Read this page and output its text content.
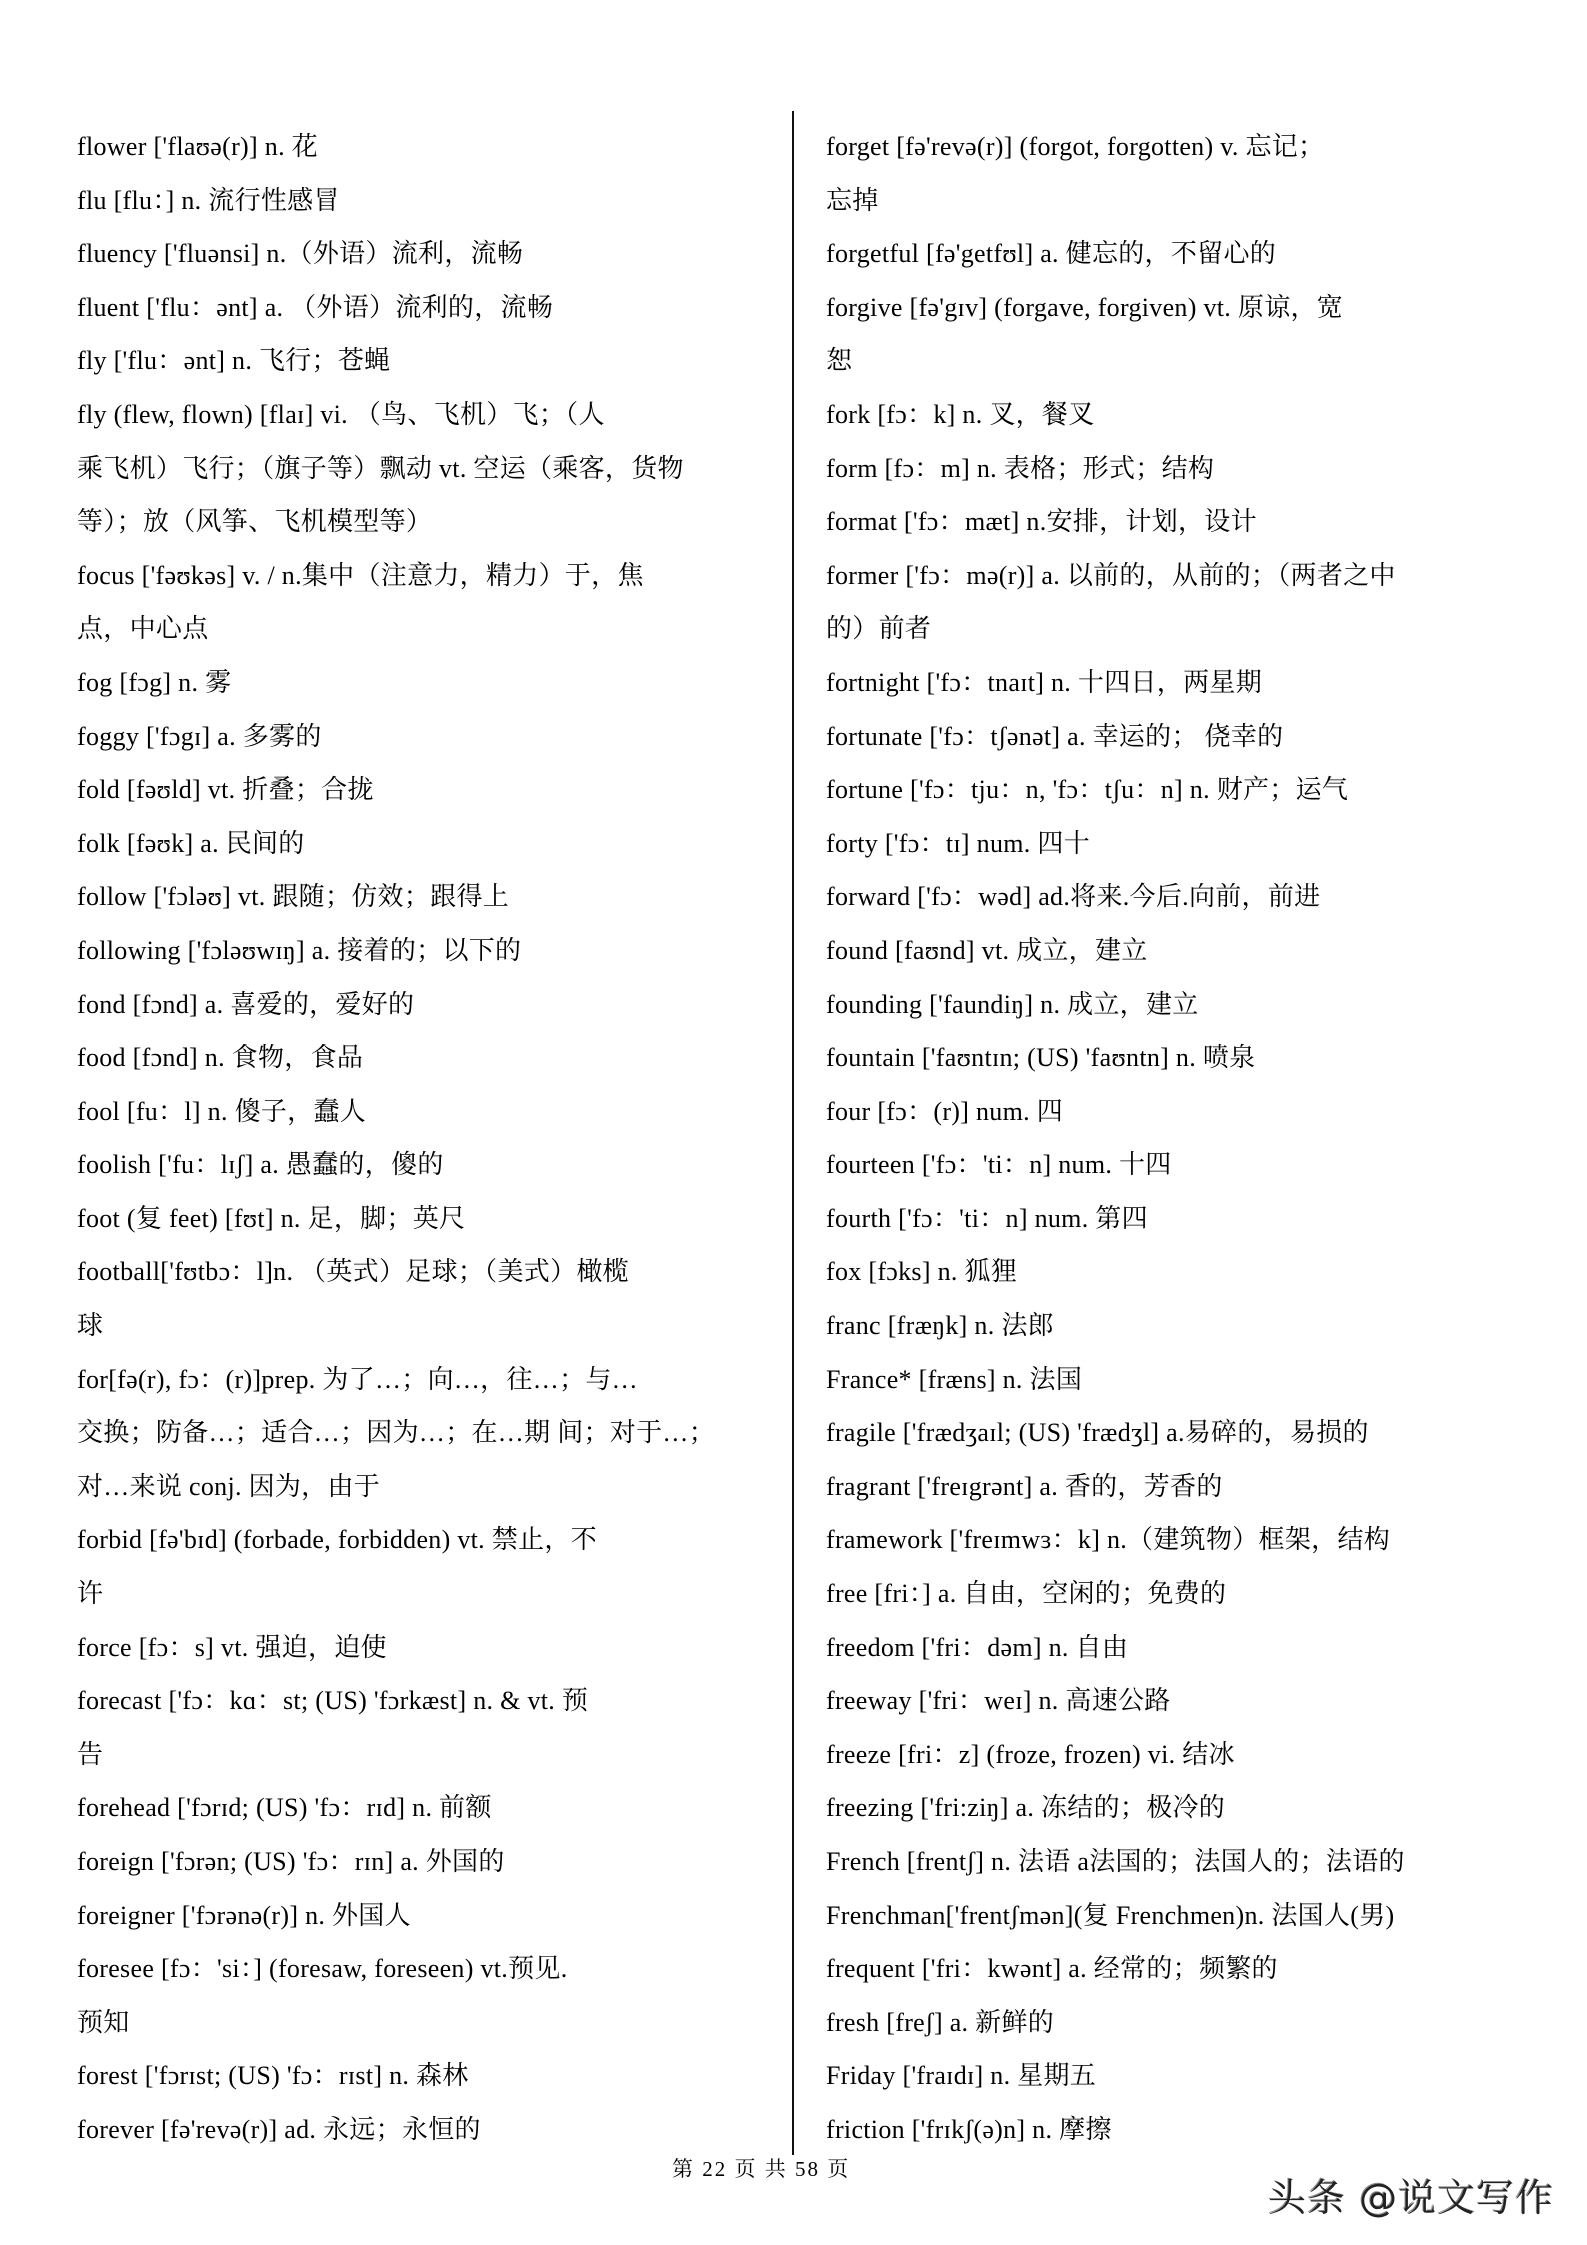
flower ['flaʊə(r)] n. 花
flu [flu：] n. 流行性感冒
fluency ['fluənsi] n.（外语）流利，流畅
fluent ['flu：ənt] a. （外语）流利的，流畅
fly ['flu：ənt] n. 飞行；苍蝇
fly (flew, flown) [flaɪ] vi. （鸟、飞机）飞；（人
乘飞机）飞行；（旗子等）飘动 vt. 空运（乘客，货物
等）；放（风筝、飞机模型等）
focus ['fəʊkəs] v. / n.集中（注意力，精力）于，焦
点，中心点
fog [fɔg] n. 雾
foggy ['fɔgɪ] a. 多雾的
fold [fəʊld] vt. 折叠；合拢
folk [fəʊk] a. 民间的
follow ['fɔləʊ] vt. 跟随；仿效；跟得上
following ['fɔləʊwɪŋ] a. 接着的；以下的
fond [fɔnd] a. 喜爱的，爱好的
food [fɔnd] n. 食物，食品
fool [fu：l] n. 傻子，蠢人
foolish ['fu：lɪʃ] a. 愚蠢的，傻的
foot (复 feet) [fʊt] n. 足，脚；英尺
football['fʊtbɔ：l]n. （英式）足球；（美式）橄榄
球
for[fə(r), fɔ：(r)]prep. 为了…；向…，往…；与…
交换；防备…；适合…；因为…；在…期 间；对于…；
对…来说 conj. 因为，由于
forbid [fə'bɪd] (forbade, forbidden) vt. 禁止，不
许
force [fɔ：s] vt. 强迫，迫使
forecast ['fɔ：kɑ：st; (US) 'fɔrkæst] n. & vt. 预
告
forehead ['fɔrɪd; (US) 'fɔ：rɪd] n. 前额
foreign ['fɔrən; (US) 'fɔ：rɪn] a. 外国的
foreigner ['fɔrənə(r)] n. 外国人
foresee [fɔ：'si：] (foresaw, foreseen) vt.预见.
预知
forest ['fɔrɪst; (US) 'fɔ：rɪst] n. 森林
forever [fə'revə(r)] ad. 永远；永恒的
forget [fə'revə(r)] (forgot, forgotten) v. 忘记；
忘掉
forgetful [fə'getfʊl] a. 健忘的，不留心的
forgive [fə'gɪv] (forgave, forgiven) vt. 原谅，宽
恕
fork [fɔ：k] n. 叉，餐叉
form [fɔ：m] n. 表格；形式；结构
format ['fɔ：mæt] n.安排，计划，设计
former ['fɔ：mə(r)] a. 以前的，从前的；（两者之中
的）前者
fortnight ['fɔ：tnaɪt] n. 十四日，两星期
fortunate ['fɔ：tʃənət] a. 幸运的； 侥幸的
fortune ['fɔ：tju：n, 'fɔ：tʃu：n] n. 财产；运气
forty ['fɔ：tɪ] num. 四十
forward ['fɔ：wəd] ad.将来.今后.向前，前进
found [faʊnd] vt. 成立，建立
founding ['faundiŋ] n. 成立，建立
fountain ['faʊntɪn; (US) 'faʊntn] n. 喷泉
four [fɔ：(r)] num. 四
fourteen ['fɔ：'ti：n] num. 十四
fourth ['fɔ：'ti：n] num. 第四
fox [fɔks] n. 狐狸
franc [fræŋk] n. 法郎
France* [fræns] n. 法国
fragile ['frædʒaɪl; (US) 'frædʒl] a.易碎的，易损的
fragrant ['freɪgrənt] a. 香的，芳香的
framework ['freɪmwɜ：k] n.（建筑物）框架，结构
free [fri：] a. 自由，空闲的；免费的
freedom ['fri：dəm] n. 自由
freeway ['fri：weɪ] n. 高速公路
freeze [fri：z] (froze, frozen) vi. 结冰
freezing ['fri:ziŋ] a. 冻结的；极冷的
French [frentʃ] n. 法语 a法国的；法国人的；法语的
Frenchman['frentʃmən](复 Frenchmen)n. 法国人(男)
frequent ['fri：kwənt] a. 经常的；频繁的
fresh [freʃ] a. 新鲜的
Friday ['fraɪdɪ] n. 星期五
friction ['frɪkʃ(ə)n] n. 摩擦
第 22 页 共 58 页
头条 @说文写作
